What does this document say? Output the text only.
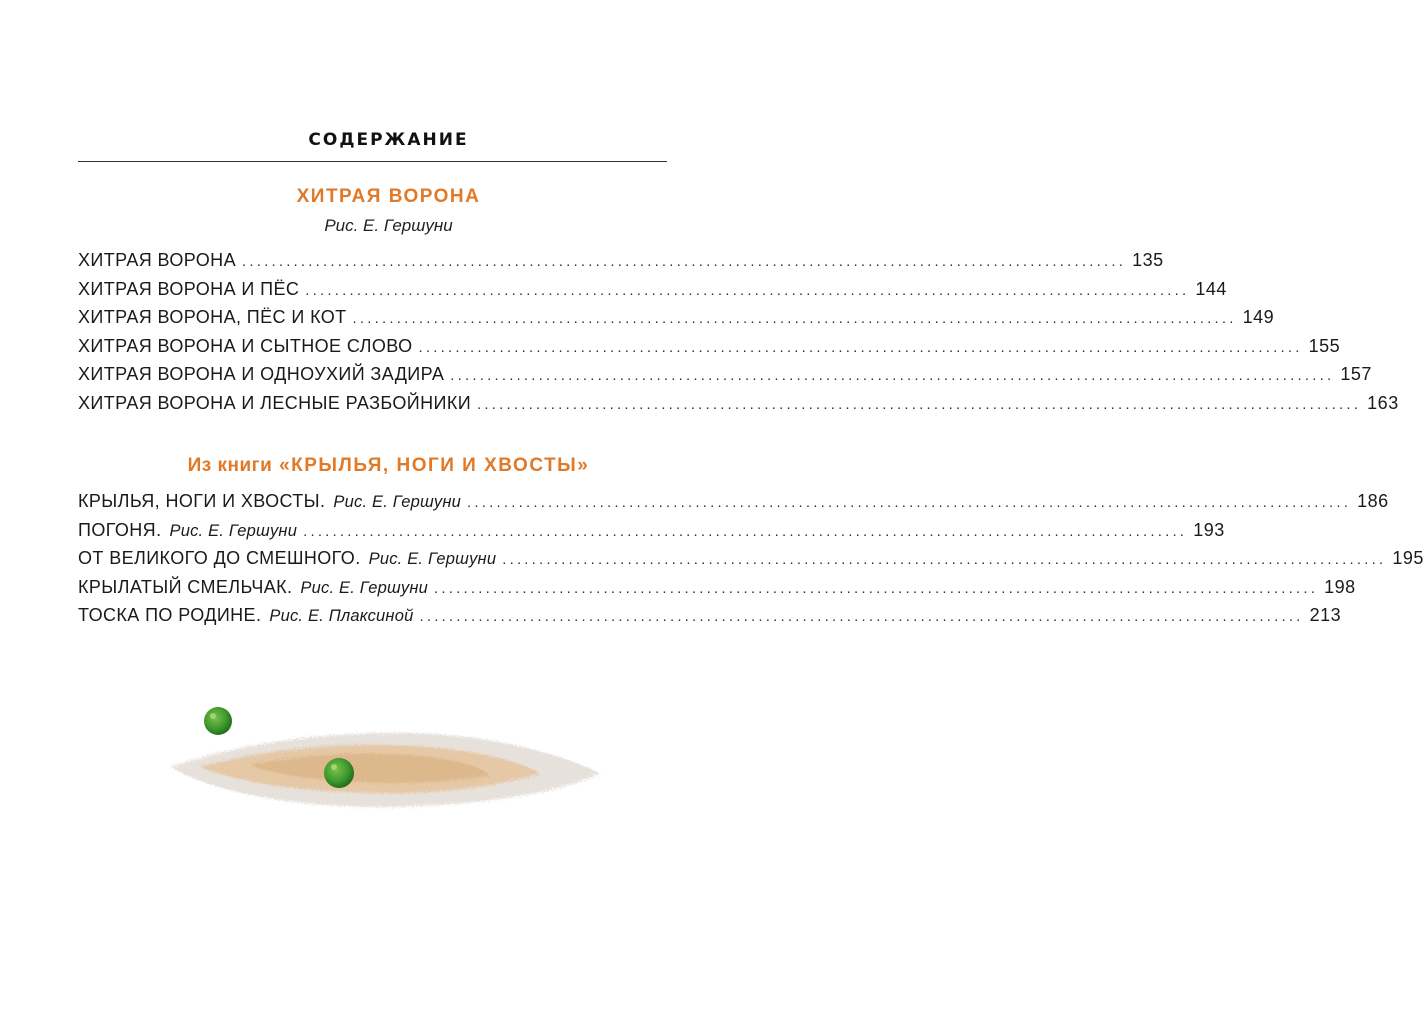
СОДЕРЖАНИЕ
ХИТРАЯ ВОРОНА
Рис. Е. Гершуни
ХИТРАЯ ВОРОНА ........................................................................................................................ 135
ХИТРАЯ ВОРОНА И ПЁС ........................................................................................................................ 144
ХИТРАЯ ВОРОНА, ПЁС И КОТ ........................................................................................................................ 149
ХИТРАЯ ВОРОНА И СЫТНОЕ СЛОВО ........................................................................................................................ 155
ХИТРАЯ ВОРОНА И ОДНОУХИЙ ЗАДИРА ........................................................................................................................ 157
ХИТРАЯ ВОРОНА И ЛЕСНЫЕ РАЗБОЙНИКИ ........................................................................................................................ 163
Из книги «КРЫЛЬЯ, НОГИ И ХВОСТЫ»
КРЫЛЬЯ, НОГИ И ХВОСТЫ. Рис. Е. Гершуни ........................................................................................................................ 186
ПОГОНЯ. Рис. Е. Гершуни ........................................................................................................................ 193
ОТ ВЕЛИКОГО ДО СМЕШНОГО. Рис. Е. Гершуни ........................................................................................................................ 195
КРЫЛАТЫЙ СМЕЛЬЧАК. Рис. Е. Гершуни ........................................................................................................................ 198
ТОСКА ПО РОДИНЕ. Рис. Е. Плаксиной ........................................................................................................................ 213
